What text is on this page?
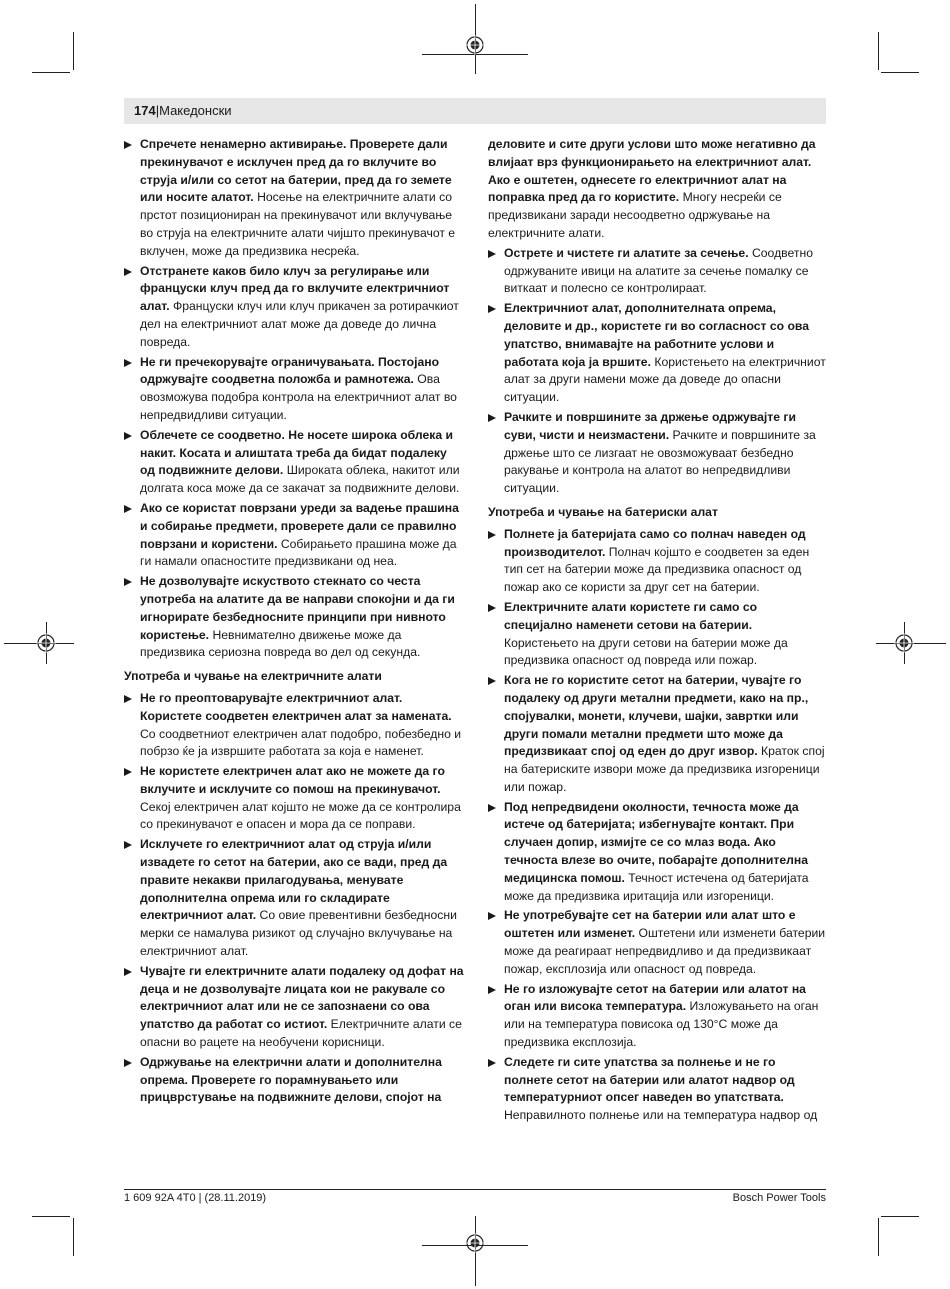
174|Македонски
Спречете ненамерно активирање. Проверете дали прекинувачот е исклучен пред да го вклучите во струја и/или со сетот на батерии, пред да го земете или носите алатот. Носење на електричните алати со прстот позициониран на прекинувачот или вклучување во струја на електричните алати чијшто прекинувачот е вклучен, може да предизвика несреќа.
Отстранете каков било клуч за регулирање или француски клуч пред да го вклучите електричниот алат. Француски клуч или клуч прикачен за ротирачкиот дел на електричниот алат може да доведе до лична повреда.
Не ги пречекорувајте ограничувањата. Постојано одржувајте соодветна положба и рамнотежа. Ова овозможува подобра контрола на електричниот алат во непредвидливи ситуации.
Облечете се соодветно. Не носете широка облека и накит. Косата и алиштата треба да бидат подалеку од подвижните делови. Широката облека, накитот или долгата коса може да се закачат за подвижните делови.
Ако се користат поврзани уреди за вадење прашина и собирање предмети, проверете дали се правилно поврзани и користени. Собирањето прашина може да ги намали опасностите предизвикани од неа.
Не дозволувајте искуството стекнато со честа употреба на алатите да ве направи спокојни и да ги игнорирате безбедносните принципи при нивното користење. Невнимателно движење може да предизвика сериозна повреда во дел од секунда.
Употреба и чување на електричните алати
Не го преоптоварувајте електричниот алат. Користете соодветен електричен алат за намената. Со соодветниот електричен алат подобро, побезбедно и побрзо ќе ја извршите работата за која е наменет.
Не користете електричен алат ако не можете да го вклучите и исклучите со помош на прекинувачот. Секој електричен алат којшто не може да се контролира со прекинувачот е опасен и мора да се поправи.
Исклучете го електричниот алат од струја и/или извадете го сетот на батерии, ако се вади, пред да правите некакви прилагодувања, менувате дополнителна опрема или го складирате електричниот алат. Со овие превентивни безбедносни мерки се намалува ризикот од случајно вклучување на електричниот алат.
Чувајте ги електричните алати подалеку од дофат на деца и не дозволувајте лицата кои не ракувале со електричниот алат или не се запознаени со ова упатство да работат со истиот. Електричните алати се опасни во рацете на необучени корисници.
Одржување на електрични алати и дополнителна опрема. Проверете го порамнувањето или прицврстување на подвижните делови, спојот на
деловите и сите други услови што може негативно да влијаат врз функционирањето на електричниот алат. Ако е оштетен, однесете го електричниот алат на поправка пред да го користите. Многу несреќи се предизвикани заради несоодветно одржување на електричните алати.
Острете и чистете ги алатите за сечење. Соодветно одржуваните ивици на алатите за сечење помалку се виткаат и полесно се контролираат.
Електричниот алат, дополнителната опрема, деловите и др., користете ги во согласност со ова упатство, внимавајте на работните услови и работата која ја вршите. Користењето на електричниот алат за други намени може да доведе до опасни ситуации.
Рачките и површините за држење одржувајте ги суви, чисти и неизмастени. Рачките и површините за држење што се лизгаат не овозможуваат безбедно ракување и контрола на алатот во непредвидливи ситуации.
Употреба и чување на батериски алат
Полнете ја батеријата само со полнач наведен од производителот. Полнач којшто е соодветен за еден тип сет на батерии може да предизвика опасност од пожар ако се користи за друг сет на батерии.
Електричните алати користете ги само со специјално наменети сетови на батерии. Користењето на други сетови на батерии може да предизвика опасност од повреда или пожар.
Кога не го користите сетот на батерии, чувајте го подалеку од други метални предмети, како на пр., спојувалки, монети, клучеви, шајки, завртки или други помали метални предмети што може да предизвикаат спој од еден до друг извор. Краток спој на батериските извори може да предизвика изгореници или пожар.
Под непредвидени околности, течноста може да истече од батеријата; избегнувајте контакт. При случаен допир, измијте се со млаз вода. Ако течноста влезе во очите, побарајте дополнителна медицинска помош. Течност истечена од батеријата може да предизвика иритација или изгореници.
Не употребувајте сет на батерии или алат што е оштетен или изменет. Оштетени или изменети батерии може да реагираат непредвидливо и да предизвикаат пожар, експлозија или опасност од повреда.
Не го изложувајте сетот на батерии или алатот на оган или висока температура. Изложувањето на оган или на температура повисока од 130°C може да предизвика експлозија.
Следете ги сите упатства за полнење и не го полнете сетот на батерии или алатот надвор од температурниот опсег наведен во упатствата. Неправилното полнење или на температура надвор од
1 609 92A 4T0 | (28.11.2019)	Bosch Power Tools
